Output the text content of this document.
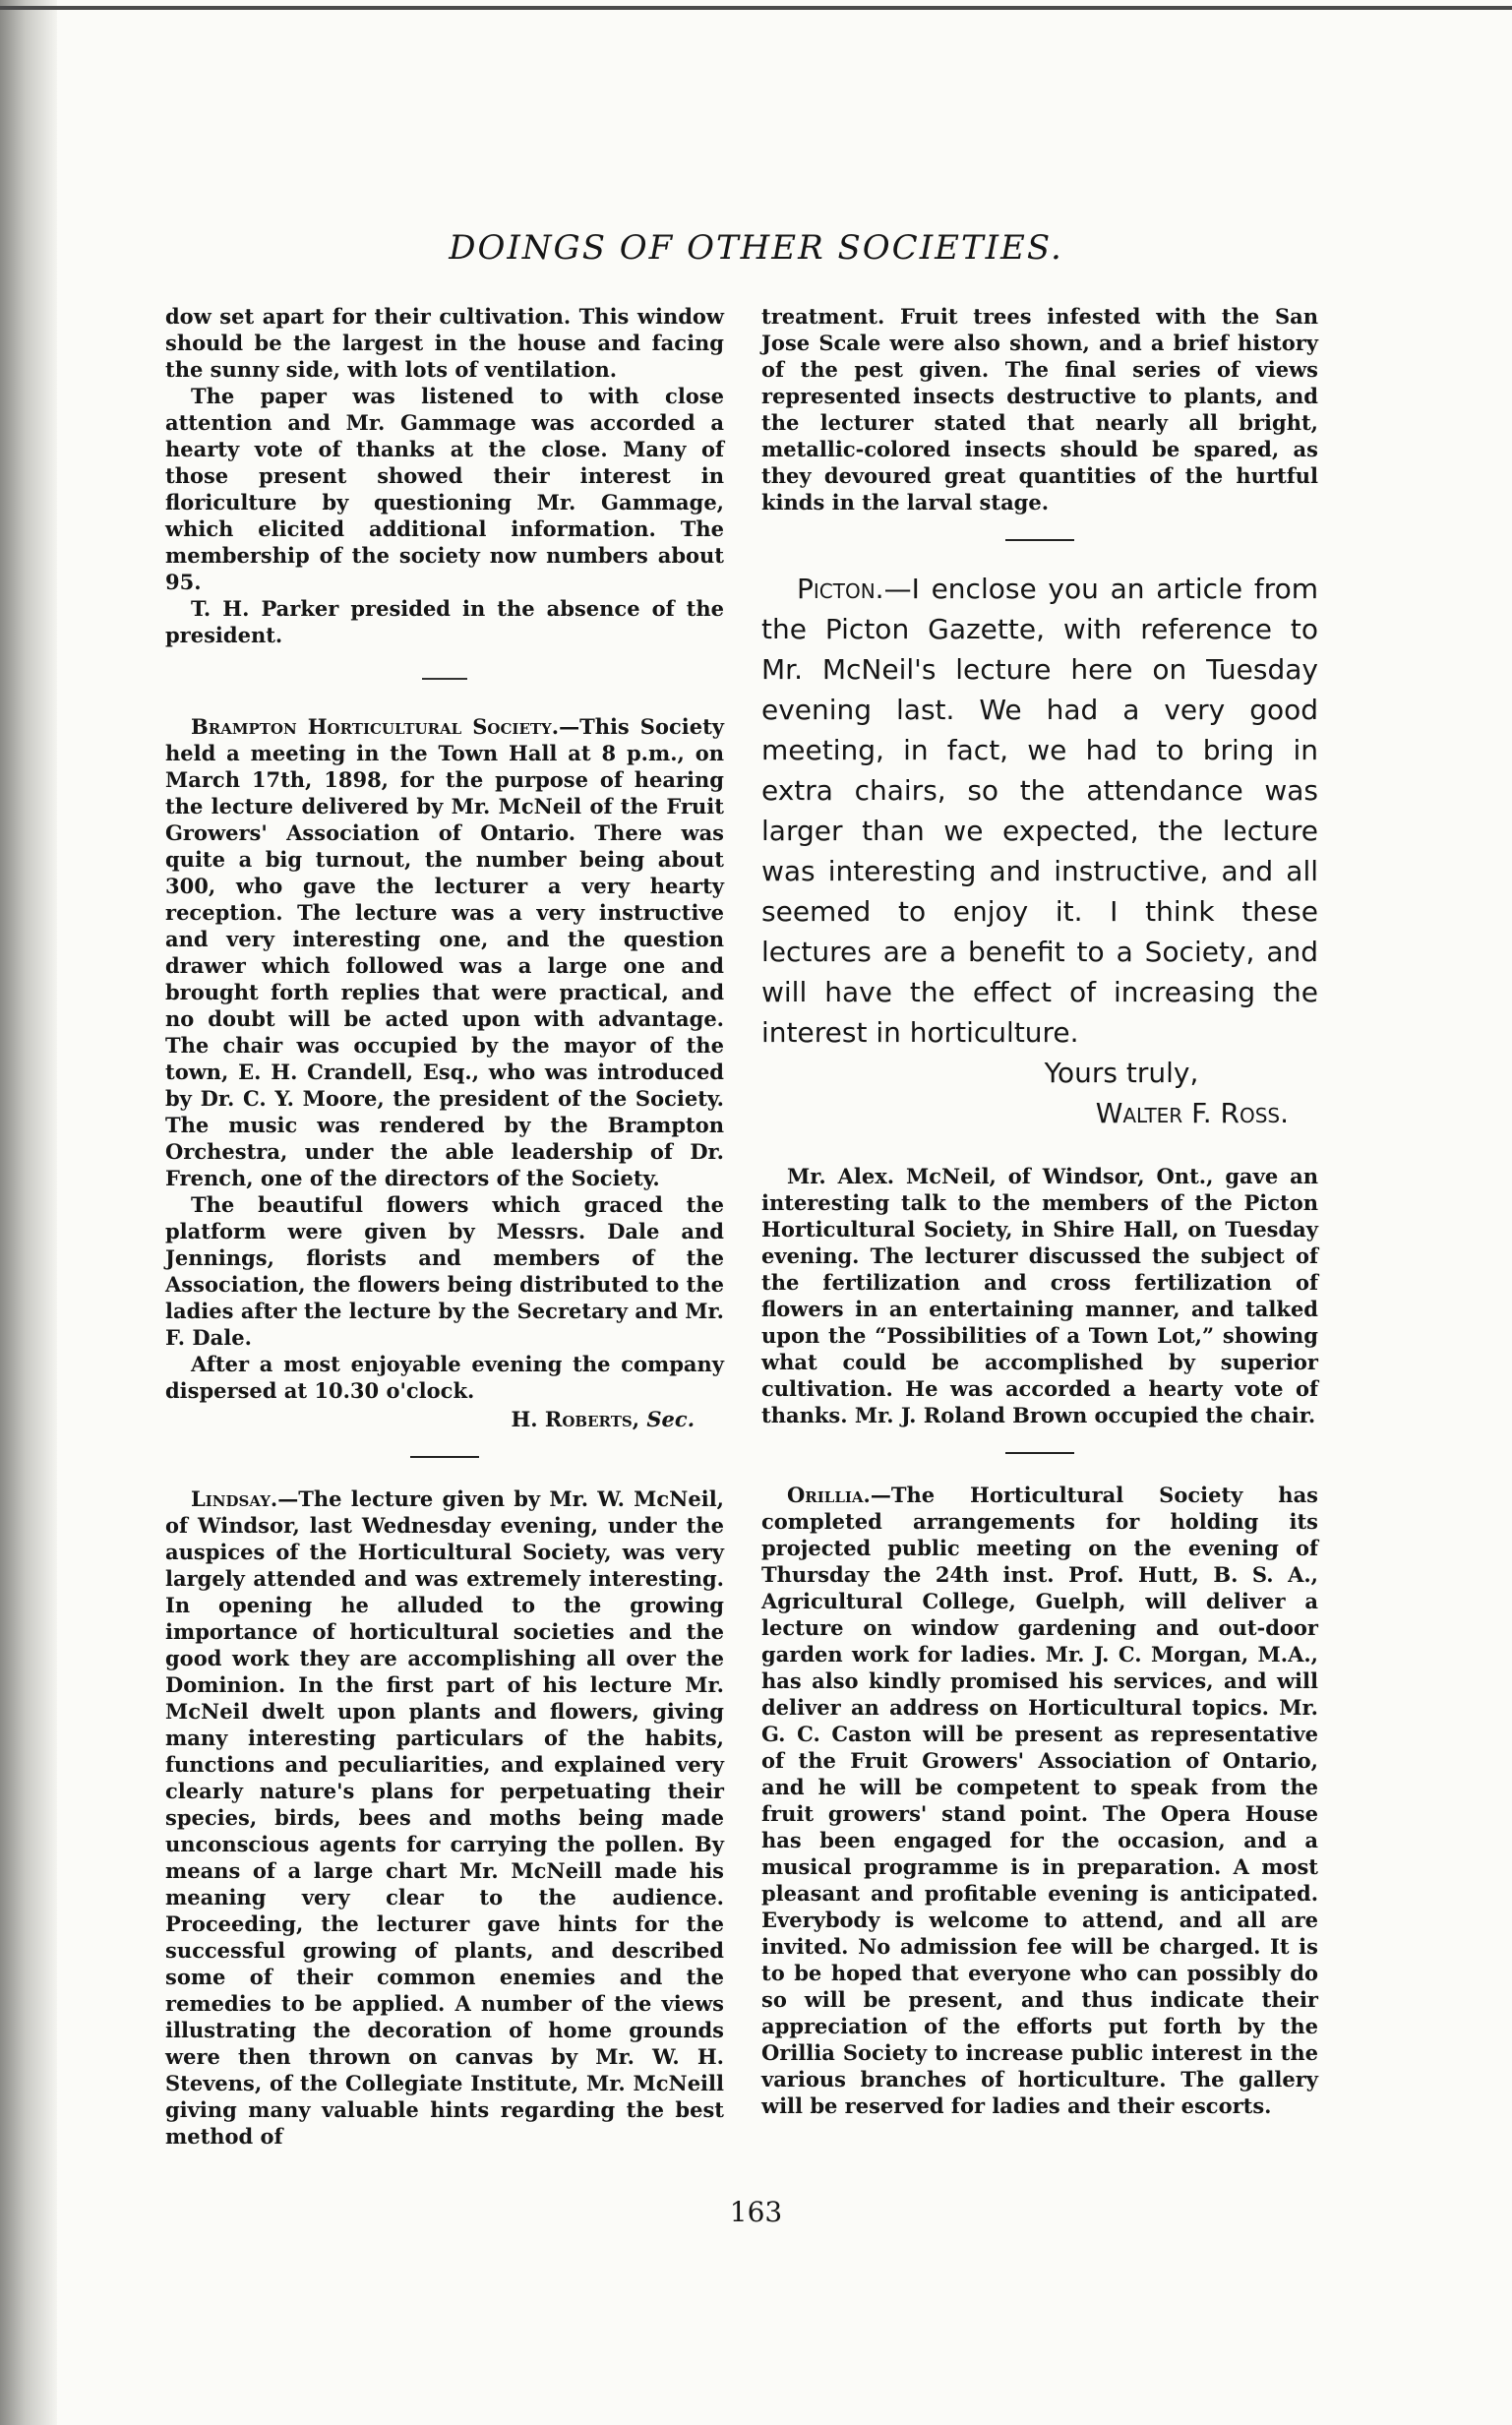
DOINGS OF OTHER SOCIETIES.

dow set apart for their cultivation. This window should be the largest in the house and facing the sunny side, with lots of ventilation.

The paper was listened to with close attention and Mr. Gammage was accorded a hearty vote of thanks at the close. Many of those present showed their interest in floriculture by questioning Mr. Gammage, which elicited additional information. The membership of the society now numbers about 95.

T. H. Parker presided in the absence of the president.

Brampton Horticultural Society.—This Society held a meeting in the Town Hall at 8 p.m., on March 17th, 1898, for the purpose of hearing the lecture delivered by Mr. McNeil of the Fruit Growers' Association of Ontario. There was quite a big turnout, the number being about 300, who gave the lecturer a very hearty reception. The lecture was a very instructive and very interesting one, and the question drawer which followed was a large one and brought forth replies that were practical, and no doubt will be acted upon with advantage. The chair was occupied by the mayor of the town, E. H. Crandell, Esq., who was introduced by Dr. C. Y. Moore, the president of the Society. The music was rendered by the Brampton Orchestra, under the able leadership of Dr. French, one of the directors of the Society.

The beautiful flowers which graced the platform were given by Messrs. Dale and Jennings, florists and members of the Association, the flowers being distributed to the ladies after the lecture by the Secretary and Mr. F. Dale.

After a most enjoyable evening the company dispersed at 10.30 o'clock.

H. Roberts, Sec.

Lindsay.—The lecture given by Mr. W. McNeil, of Windsor, last Wednesday evening, under the auspices of the Horticultural Society, was very largely attended and was extremely interesting. In opening he alluded to the growing importance of horticultural societies and the good work they are accomplishing all over the Dominion. In the first part of his lecture Mr. McNeil dwelt upon plants and flowers, giving many interesting particulars of the habits, functions and peculiarities, and explained very clearly nature's plans for perpetuating their species, birds, bees and moths being made unconscious agents for carrying the pollen. By means of a large chart Mr. McNeill made his meaning very clear to the audience. Proceeding, the lecturer gave hints for the successful growing of plants, and described some of their common enemies and the remedies to be applied. A number of the views illustrating the decoration of home grounds were then thrown on canvas by Mr. W. H. Stevens, of the Collegiate Institute, Mr. McNeill giving many valuable hints regarding the best method of

treatment. Fruit trees infested with the San Jose Scale were also shown, and a brief history of the pest given. The final series of views represented insects destructive to plants, and the lecturer stated that nearly all bright, metallic-colored insects should be spared, as they devoured great quantities of the hurtful kinds in the larval stage.

Picton.—I enclose you an article from the Picton Gazette, with reference to Mr. McNeil's lecture here on Tuesday evening last. We had a very good meeting, in fact, we had to bring in extra chairs, so the attendance was larger than we expected, the lecture was interesting and instructive, and all seemed to enjoy it. I think these lectures are a benefit to a Society, and will have the effect of increasing the interest in horticulture.

Yours truly,

Walter F. Ross.

Mr. Alex. McNeil, of Windsor, Ont., gave an interesting talk to the members of the Picton Horticultural Society, in Shire Hall, on Tuesday evening. The lecturer discussed the subject of the fertilization and cross fertilization of flowers in an entertaining manner, and talked upon the “Possibilities of a Town Lot,” showing what could be accomplished by superior cultivation. He was accorded a hearty vote of thanks. Mr. J. Roland Brown occupied the chair.

Orillia.—The Horticultural Society has completed arrangements for holding its projected public meeting on the evening of Thursday the 24th inst. Prof. Hutt, B. S. A., Agricultural College, Guelph, will deliver a lecture on window gardening and out-door garden work for ladies. Mr. J. C. Morgan, M.A., has also kindly promised his services, and will deliver an address on Horticultural topics. Mr. G. C. Caston will be present as representative of the Fruit Growers' Association of Ontario, and he will be competent to speak from the fruit growers' stand point. The Opera House has been engaged for the occasion, and a musical programme is in preparation. A most pleasant and profitable evening is anticipated. Everybody is welcome to attend, and all are invited. No admission fee will be charged. It is to be hoped that everyone who can possibly do so will be present, and thus indicate their appreciation of the efforts put forth by the Orillia Society to increase public interest in the various branches of horticulture. The gallery will be reserved for ladies and their escorts.

163
